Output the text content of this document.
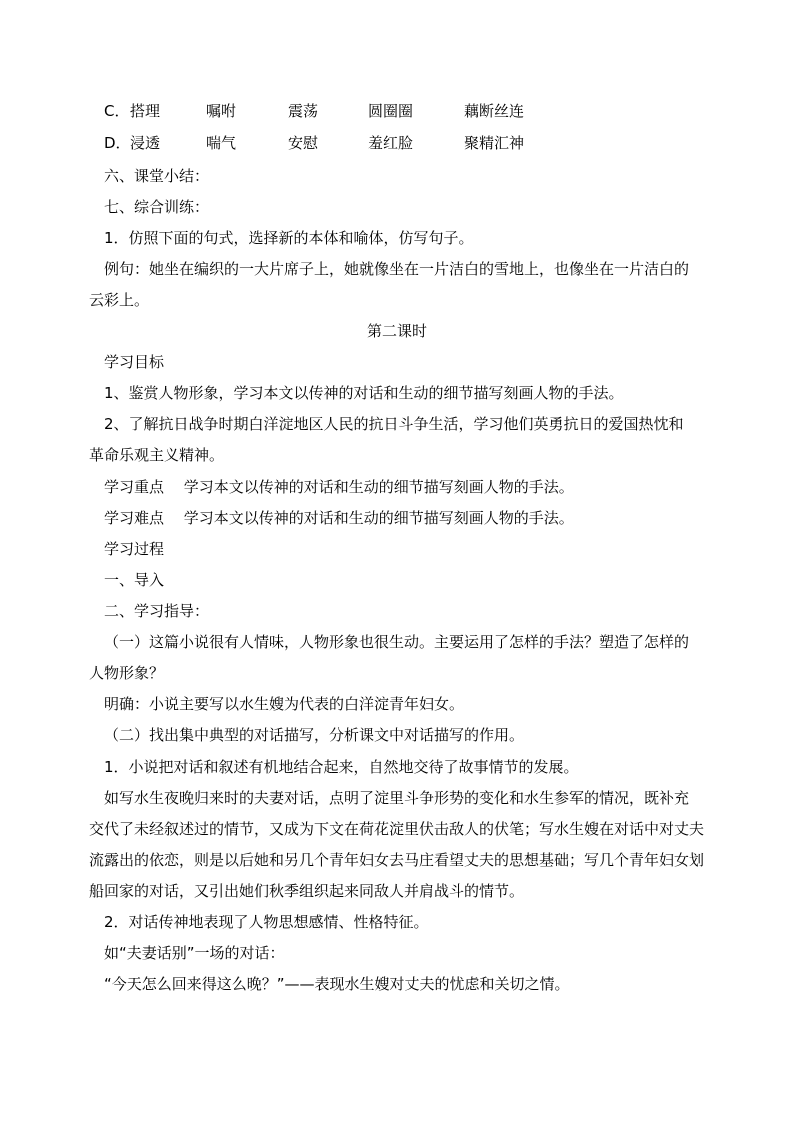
C． 搭理	嘱咐	震荡	圆圈圈	藕断丝连
D． 浸透	喘气	安慰	羞红脸	聚精汇神
六、课堂小结：
七、综合训练：
1．仿照下面的句式，选择新的本体和喻体，仿写句子。
例句：她坐在编织的一大片席子上，她就像坐在一片洁白的雪地上，也像坐在一片洁白的
云彩上。
第二课时
学习目标
1、鉴赏人物形象，学习本文以传神的对话和生动的细节描写刻画人物的手法。
2、了解抗日战争时期白洋淀地区人民的抗日斗争生活，学习他们英勇抗日的爱国热忱和
革命乐观主义精神。
学习重点　 学习本文以传神的对话和生动的细节描写刻画人物的手法。
学习难点　 学习本文以传神的对话和生动的细节描写刻画人物的手法。
学习过程
一、导入
二、学习指导：
（一）这篇小说很有人情味，人物形象也很生动。主要运用了怎样的手法？塑造了怎样的
人物形象？
明确：小说主要写以水生嫂为代表的白洋淀青年妇女。
（二）找出集中典型的对话描写，分析课文中对话描写的作用。
1．小说把对话和叙述有机地结合起来，自然地交待了故事情节的发展。
如写水生夜晚归来时的夫妻对话，点明了淀里斗争形势的变化和水生参军的情况，既补充
交代了未经叙述过的情节，又成为下文在荷花淀里伏击敌人的伏笔；写水生嫂在对话中对丈夫
流露出的依恋，则是以后她和另几个青年妇女去马庄看望丈夫的思想基础；写几个青年妇女划
船回家的对话，又引出她们秋季组织起来同敌人并肩战斗的情节。
2．对话传神地表现了人物思想感情、性格特征。
如“夫妻话别”一场的对话：
“今天怎么回来得这么晚？”——表现水生嫂对丈夫的忧虑和关切之情。
